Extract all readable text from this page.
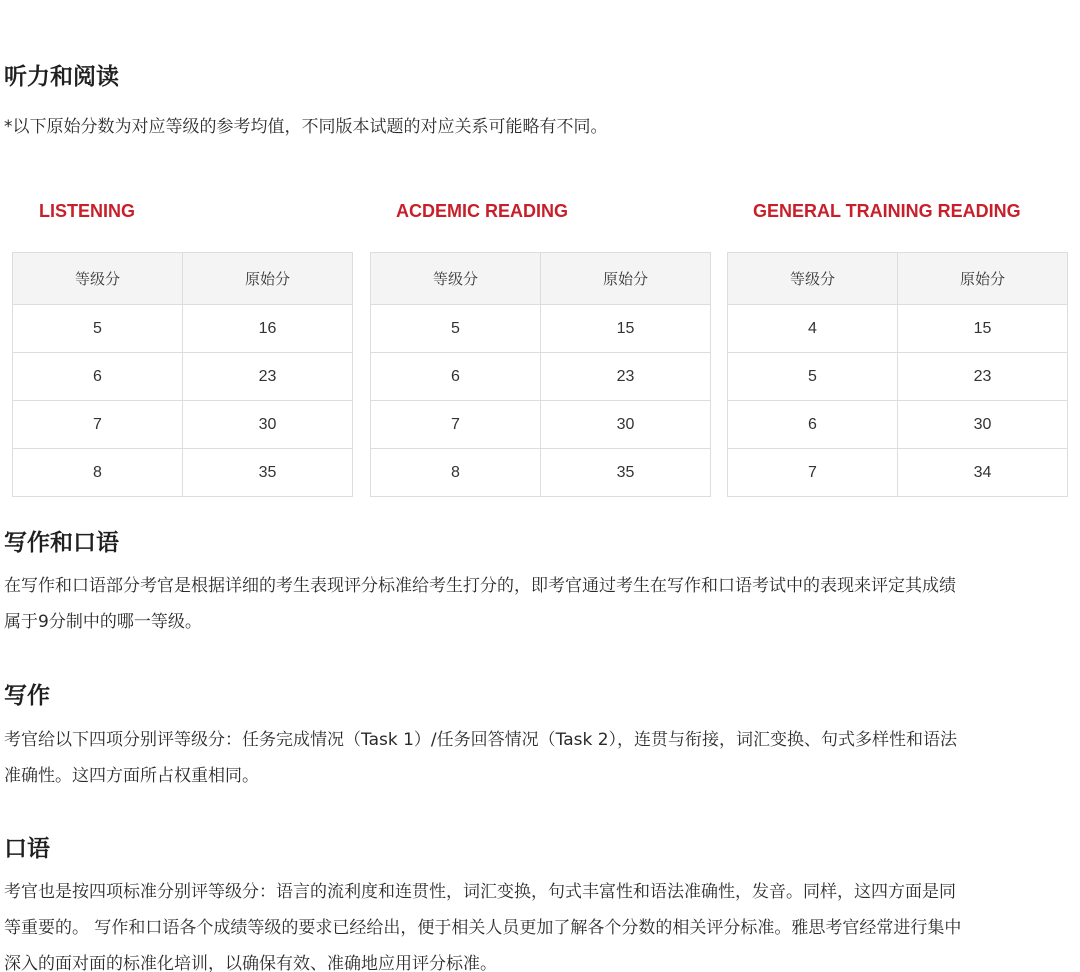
听力和阅读

*以下原始分数为对应等级的参考均值，不同版本试题的对应关系可能略有不同。

LISTENING	ACDEMIC READING	GENERAL TRAINING READING
等级分	原始分
5	16
6	23
7	30
8	35
等级分	原始分
5	15
6	23
7	30
8	35
等级分	原始分
4	15
5	23
6	30
7	34
写作和口语
在写作和口语部分考官是根据详细的考生表现评分标准给考生打分的，即考官通过考生在写作和口语考试中的表现来评定其成绩
属于9分制中的哪一等级。
写作
考官给以下四项分别评等级分：任务完成情况（Task 1）/任务回答情况（Task 2），连贯与衔接，词汇变换、句式多样性和语法
准确性。这四方面所占权重相同。
口语
考官也是按四项标准分别评等级分：语言的流利度和连贯性，词汇变换，句式丰富性和语法准确性，发音。同样，这四方面是同
等重要的。 写作和口语各个成绩等级的要求已经给出，便于相关人员更加了解各个分数的相关评分标准。雅思考官经常进行集中
深入的面对面的标准化培训，以确保有效、准确地应用评分标准。
